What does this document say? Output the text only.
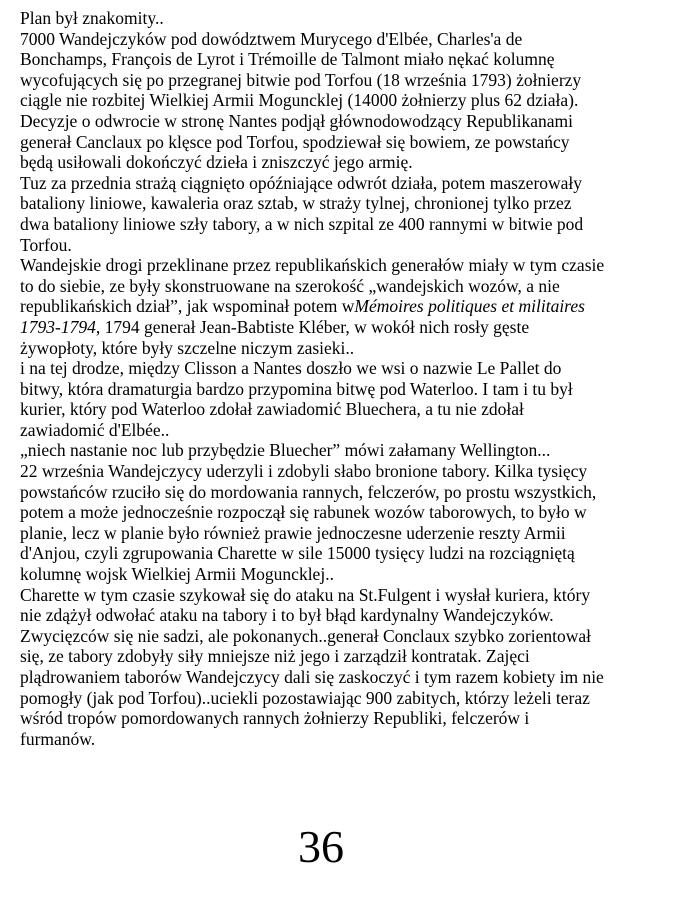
Plan był znakomity..
7000 Wandejczyków pod dowództwem Murycego d'Elbée, Charles'a de
Bonchamps, François de Lyrot i Trémoille de Talmont miało nękać kolumnę
wycofujących się po przegranej bitwie pod Torfou (18 września 1793) żołnierzy
ciągle nie rozbitej Wielkiej Armii Moguncklej (14000 żołnierzy plus 62 działa).
Decyzje o odwrocie w stronę Nantes podjął głównodowodzący Republikanami
generał Canclaux po klęsce pod Torfou, spodziewał się bowiem, ze powstańcy
będą usiłowali dokończyć dzieła i zniszczyć jego armię.
Tuz za przednia strażą ciągnięto opóźniające odwrót działa, potem maszerowały
bataliony liniowe, kawaleria oraz sztab, w straży tylnej, chronionej tylko przez
dwa bataliony liniowe szły tabory, a w nich szpital ze 400 rannymi w bitwie pod
Torfou.
Wandejskie drogi przeklinane przez republikańskich generałów miały w tym czasie
to do siebie, ze były skonstruowane na szerokość „wandejskich wozów, a nie
republikańskich dział”, jak wspominał potem wMémoires politiques et militaires
1793-1794, 1794 generał Jean-Babtiste Kléber, w wokół nich rosły gęste
żywopłoty, które były szczelne niczym zasieki..
i na tej drodze, między Clisson a Nantes doszło we wsi o nazwie Le Pallet do
bitwy, która dramaturgia bardzo przypomina bitwę pod Waterloo. I tam i tu był
kurier, który pod Waterloo zdołał zawiadomić Bluechera, a tu nie zdołał
zawiadomić d'Elbée..
„niech nastanie noc lub przybędzie Bluecher” mówi załamany Wellington...
22 września Wandejczycy uderzyli i zdobyli słabo bronione tabory. Kilka tysięcy
powstańców rzuciło się do mordowania rannych, felczerów, po prostu wszystkich,
potem a może jednocześnie rozpoczął się rabunek wozów taborowych, to było w
planie, lecz w planie było również prawie jednoczesne uderzenie reszty Armii
d'Anjou, czyli zgrupowania Charette w sile 15000 tysięcy ludzi na rozciągniętą
kolumnę wojsk Wielkiej Armii Moguncklej..
Charette w tym czasie szykował się do ataku na St.Fulgent i wysłał kuriera, który
nie zdążył odwołać ataku na tabory i to był błąd kardynalny Wandejczyków.
Zwycięzców się nie sadzi, ale pokonanych..generał Conclaux szybko zorientował
się, ze tabory zdobyły siły mniejsze niż jego i zarządził kontratak. Zajęci
plądrowaniem taborów Wandejczycy dali się zaskoczyć i tym razem kobiety im nie
pomogły (jak pod Torfou)..uciekli pozostawiając 900 zabitych, którzy leżeli teraz
wśród tropów pomordowanych rannych żołnierzy Republiki, felczerów i
furmanów.
36
